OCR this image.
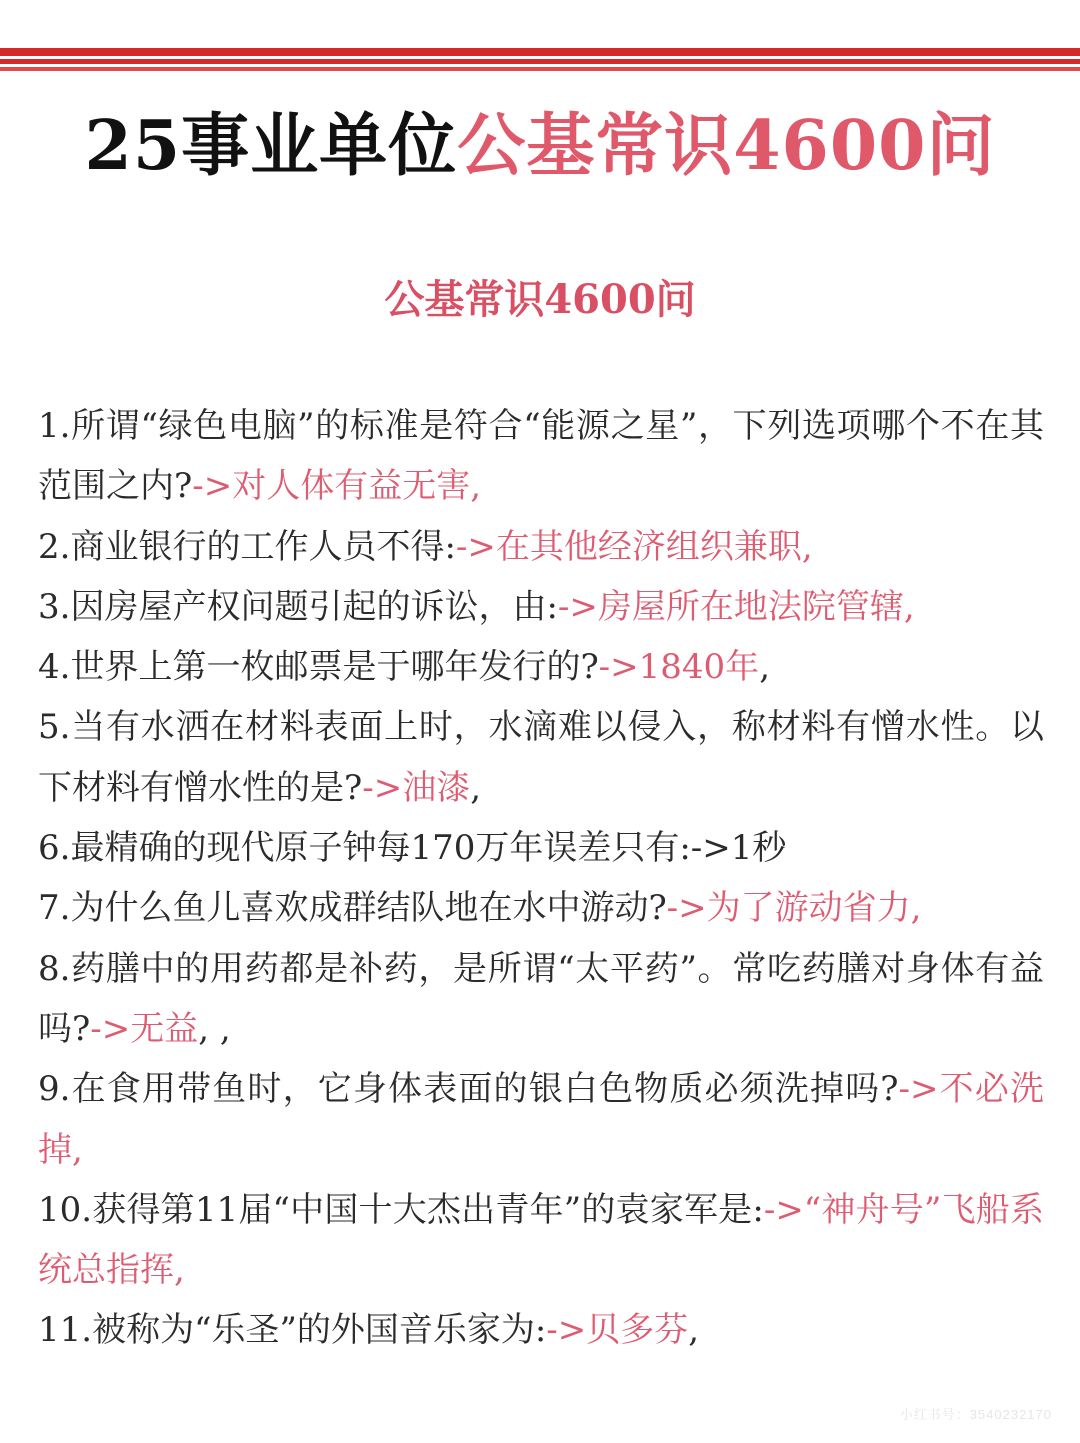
25事业单位公基常识4600问
公基常识4600问
1.所谓“绿色电脑”的标准是符合“能源之星”，下列选项哪个不在其范围之内?->对人体有益无害,
2.商业银行的工作人员不得:->在其他经济组织兼职,
3.因房屋产权问题引起的诉讼，由:->房屋所在地法院管辖,
4.世界上第一枚邮票是于哪年发行的?->1840年,
5.当有水洒在材料表面上时，水滴难以侵入，称材料有憎水性。以下材料有憎水性的是?->油漆,
6.最精确的现代原子钟每170万年误差只有:->1秒
7.为什么鱼儿喜欢成群结队地在水中游动?->为了游动省力,
8.药膳中的用药都是补药，是所谓“太平药”。常吃药膳对身体有益吗?->无益, ,
9.在食用带鱼时，它身体表面的银白色物质必须洗掉吗?->不必洗掉,
10.获得第11届“中国十大杰出青年”的袁家军是:->“神舟号”飞船系统总指挥,
11.被称为“乐圣”的外国音乐家为:->贝多芬,
小红书号：3540232170
